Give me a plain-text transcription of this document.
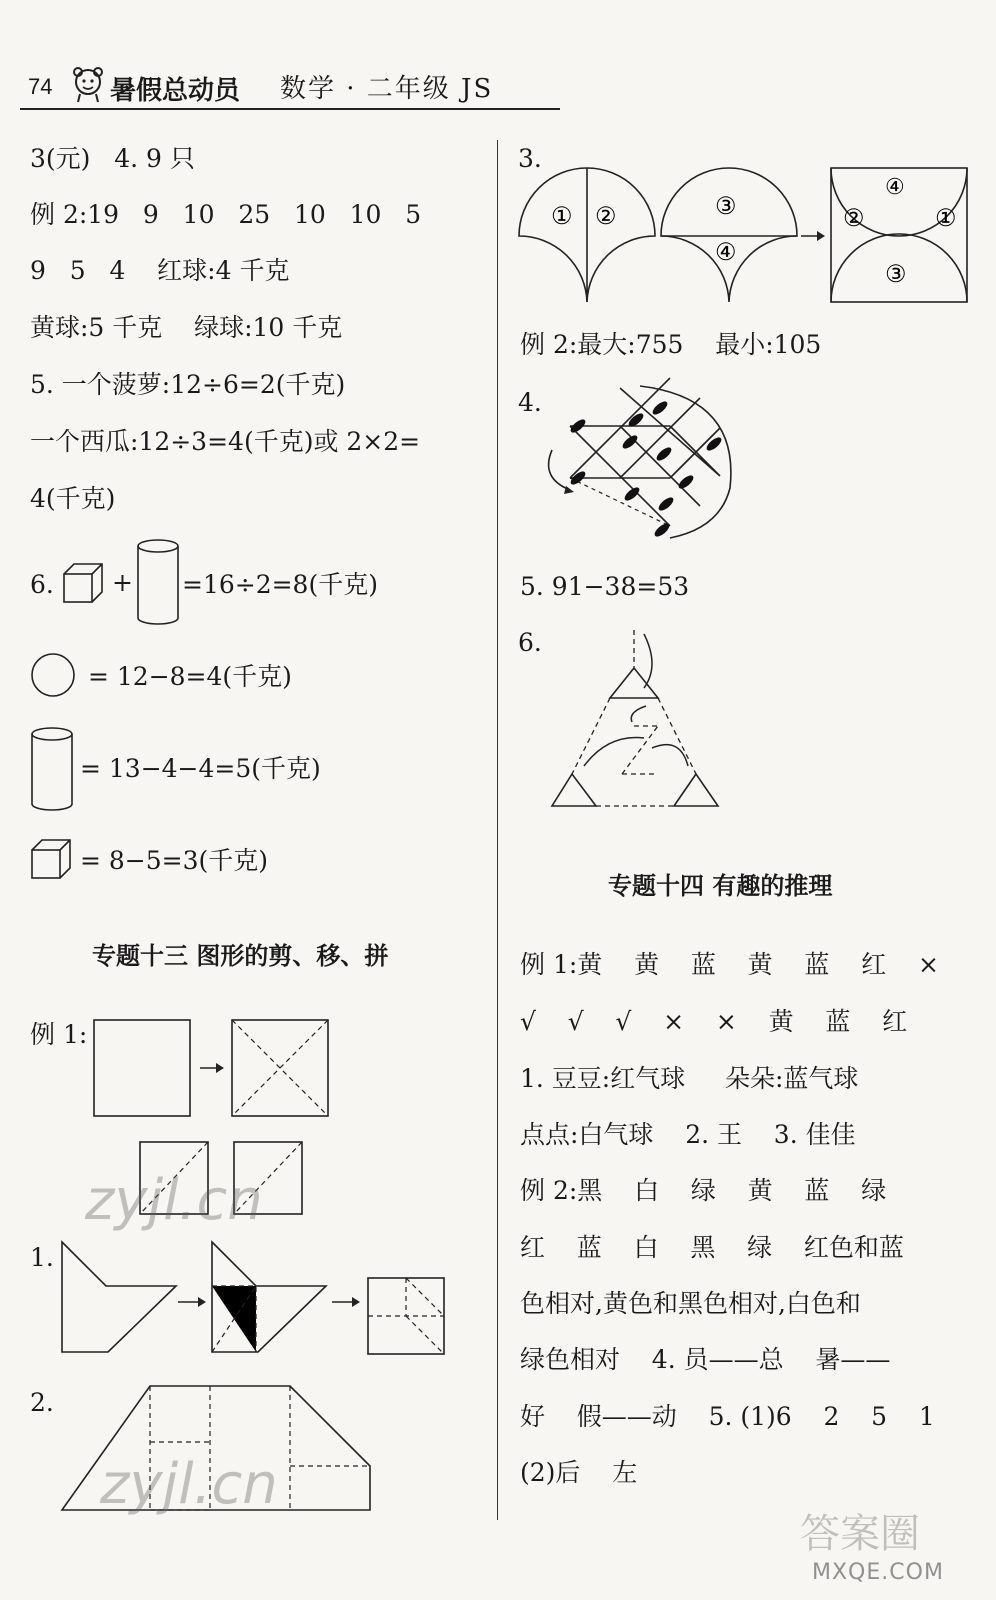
74 暑假总动员 数学 · 二年级 JS
3(元)   4. 9 只
例 2:19   9   10   25   10   10   5
9   5   4    红球:4 千克
黄球:5 千克    绿球:10 千克
5. 一个菠萝:12÷6=2(千克)
一个西瓜:12÷3=4(千克)或 2×2=
4(千克)
6. + =16÷2=8(千克)
= 12−8=4(千克)
= 13−4−4=5(千克)
= 8−5=3(千克)
专题十三 图形的剪、移、拼
例 1:
1.
2.
zyjl.cn
zyjl.cn
3.
① ②	③
④
④
②	①
③
例 2:最大:755    最小:105
4.
5. 91−38=53
6.
专题十四 有趣的推理
例 1:黄    黄    蓝    黄    蓝    红    ×
√    √    √    ×    ×    黄    蓝    红
1. 豆豆:红气球     朵朵:蓝气球
点点:白气球    2. 王    3. 佳佳
例 2:黑    白    绿    黄    蓝    绿
红    蓝    白    黑    绿    红色和蓝
色相对,黄色和黑色相对,白色和
绿色相对    4. 员——总    暑——
好    假——动    5. (1)6    2    5    1
(2)后    左
答案圈
MXQE.COM
